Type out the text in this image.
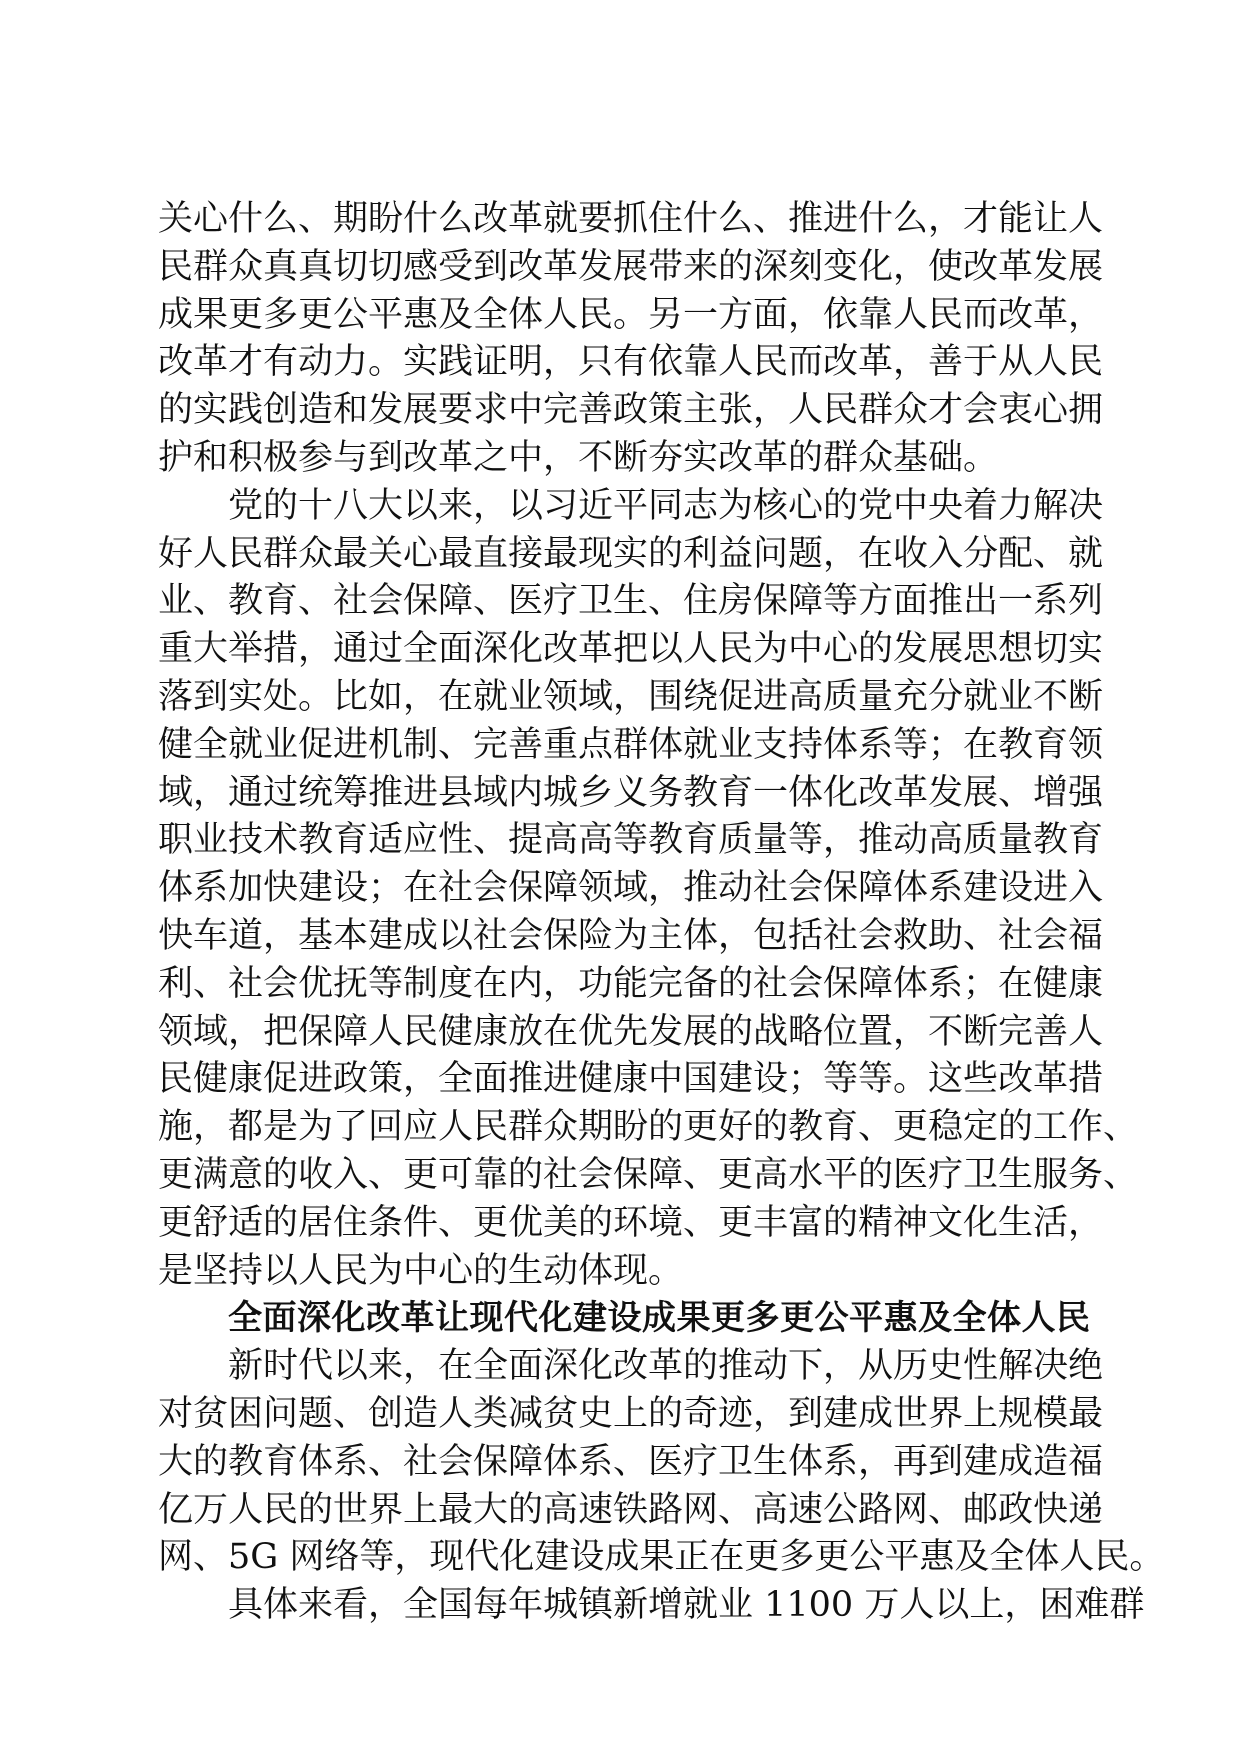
关心什么、期盼什么改革就要抓住什么、推进什么，才能让人
民群众真真切切感受到改革发展带来的深刻变化，使改革发展
成果更多更公平惠及全体人民。另一方面，依靠人民而改革，
改革才有动力。实践证明，只有依靠人民而改革，善于从人民
的实践创造和发展要求中完善政策主张，人民群众才会衷心拥
护和积极参与到改革之中，不断夯实改革的群众基础。
党的十八大以来，以习近平同志为核心的党中央着力解决
好人民群众最关心最直接最现实的利益问题，在收入分配、就
业、教育、社会保障、医疗卫生、住房保障等方面推出一系列
重大举措，通过全面深化改革把以人民为中心的发展思想切实
落到实处。比如，在就业领域，围绕促进高质量充分就业不断
健全就业促进机制、完善重点群体就业支持体系等；在教育领
域，通过统筹推进县域内城乡义务教育一体化改革发展、增强
职业技术教育适应性、提高高等教育质量等，推动高质量教育
体系加快建设；在社会保障领域，推动社会保障体系建设进入
快车道，基本建成以社会保险为主体，包括社会救助、社会福
利、社会优抚等制度在内，功能完备的社会保障体系；在健康
领域，把保障人民健康放在优先发展的战略位置，不断完善人
民健康促进政策，全面推进健康中国建设；等等。这些改革措
施，都是为了回应人民群众期盼的更好的教育、更稳定的工作、
更满意的收入、更可靠的社会保障、更高水平的医疗卫生服务、
更舒适的居住条件、更优美的环境、更丰富的精神文化生活，
是坚持以人民为中心的生动体现。
全面深化改革让现代化建设成果更多更公平惠及全体人民
新时代以来，在全面深化改革的推动下，从历史性解决绝
对贫困问题、创造人类减贫史上的奇迹，到建成世界上规模最
大的教育体系、社会保障体系、医疗卫生体系，再到建成造福
亿万人民的世界上最大的高速铁路网、高速公路网、邮政快递
网、5G 网络等，现代化建设成果正在更多更公平惠及全体人民。
具体来看，全国每年城镇新增就业 1100 万人以上，困难群
